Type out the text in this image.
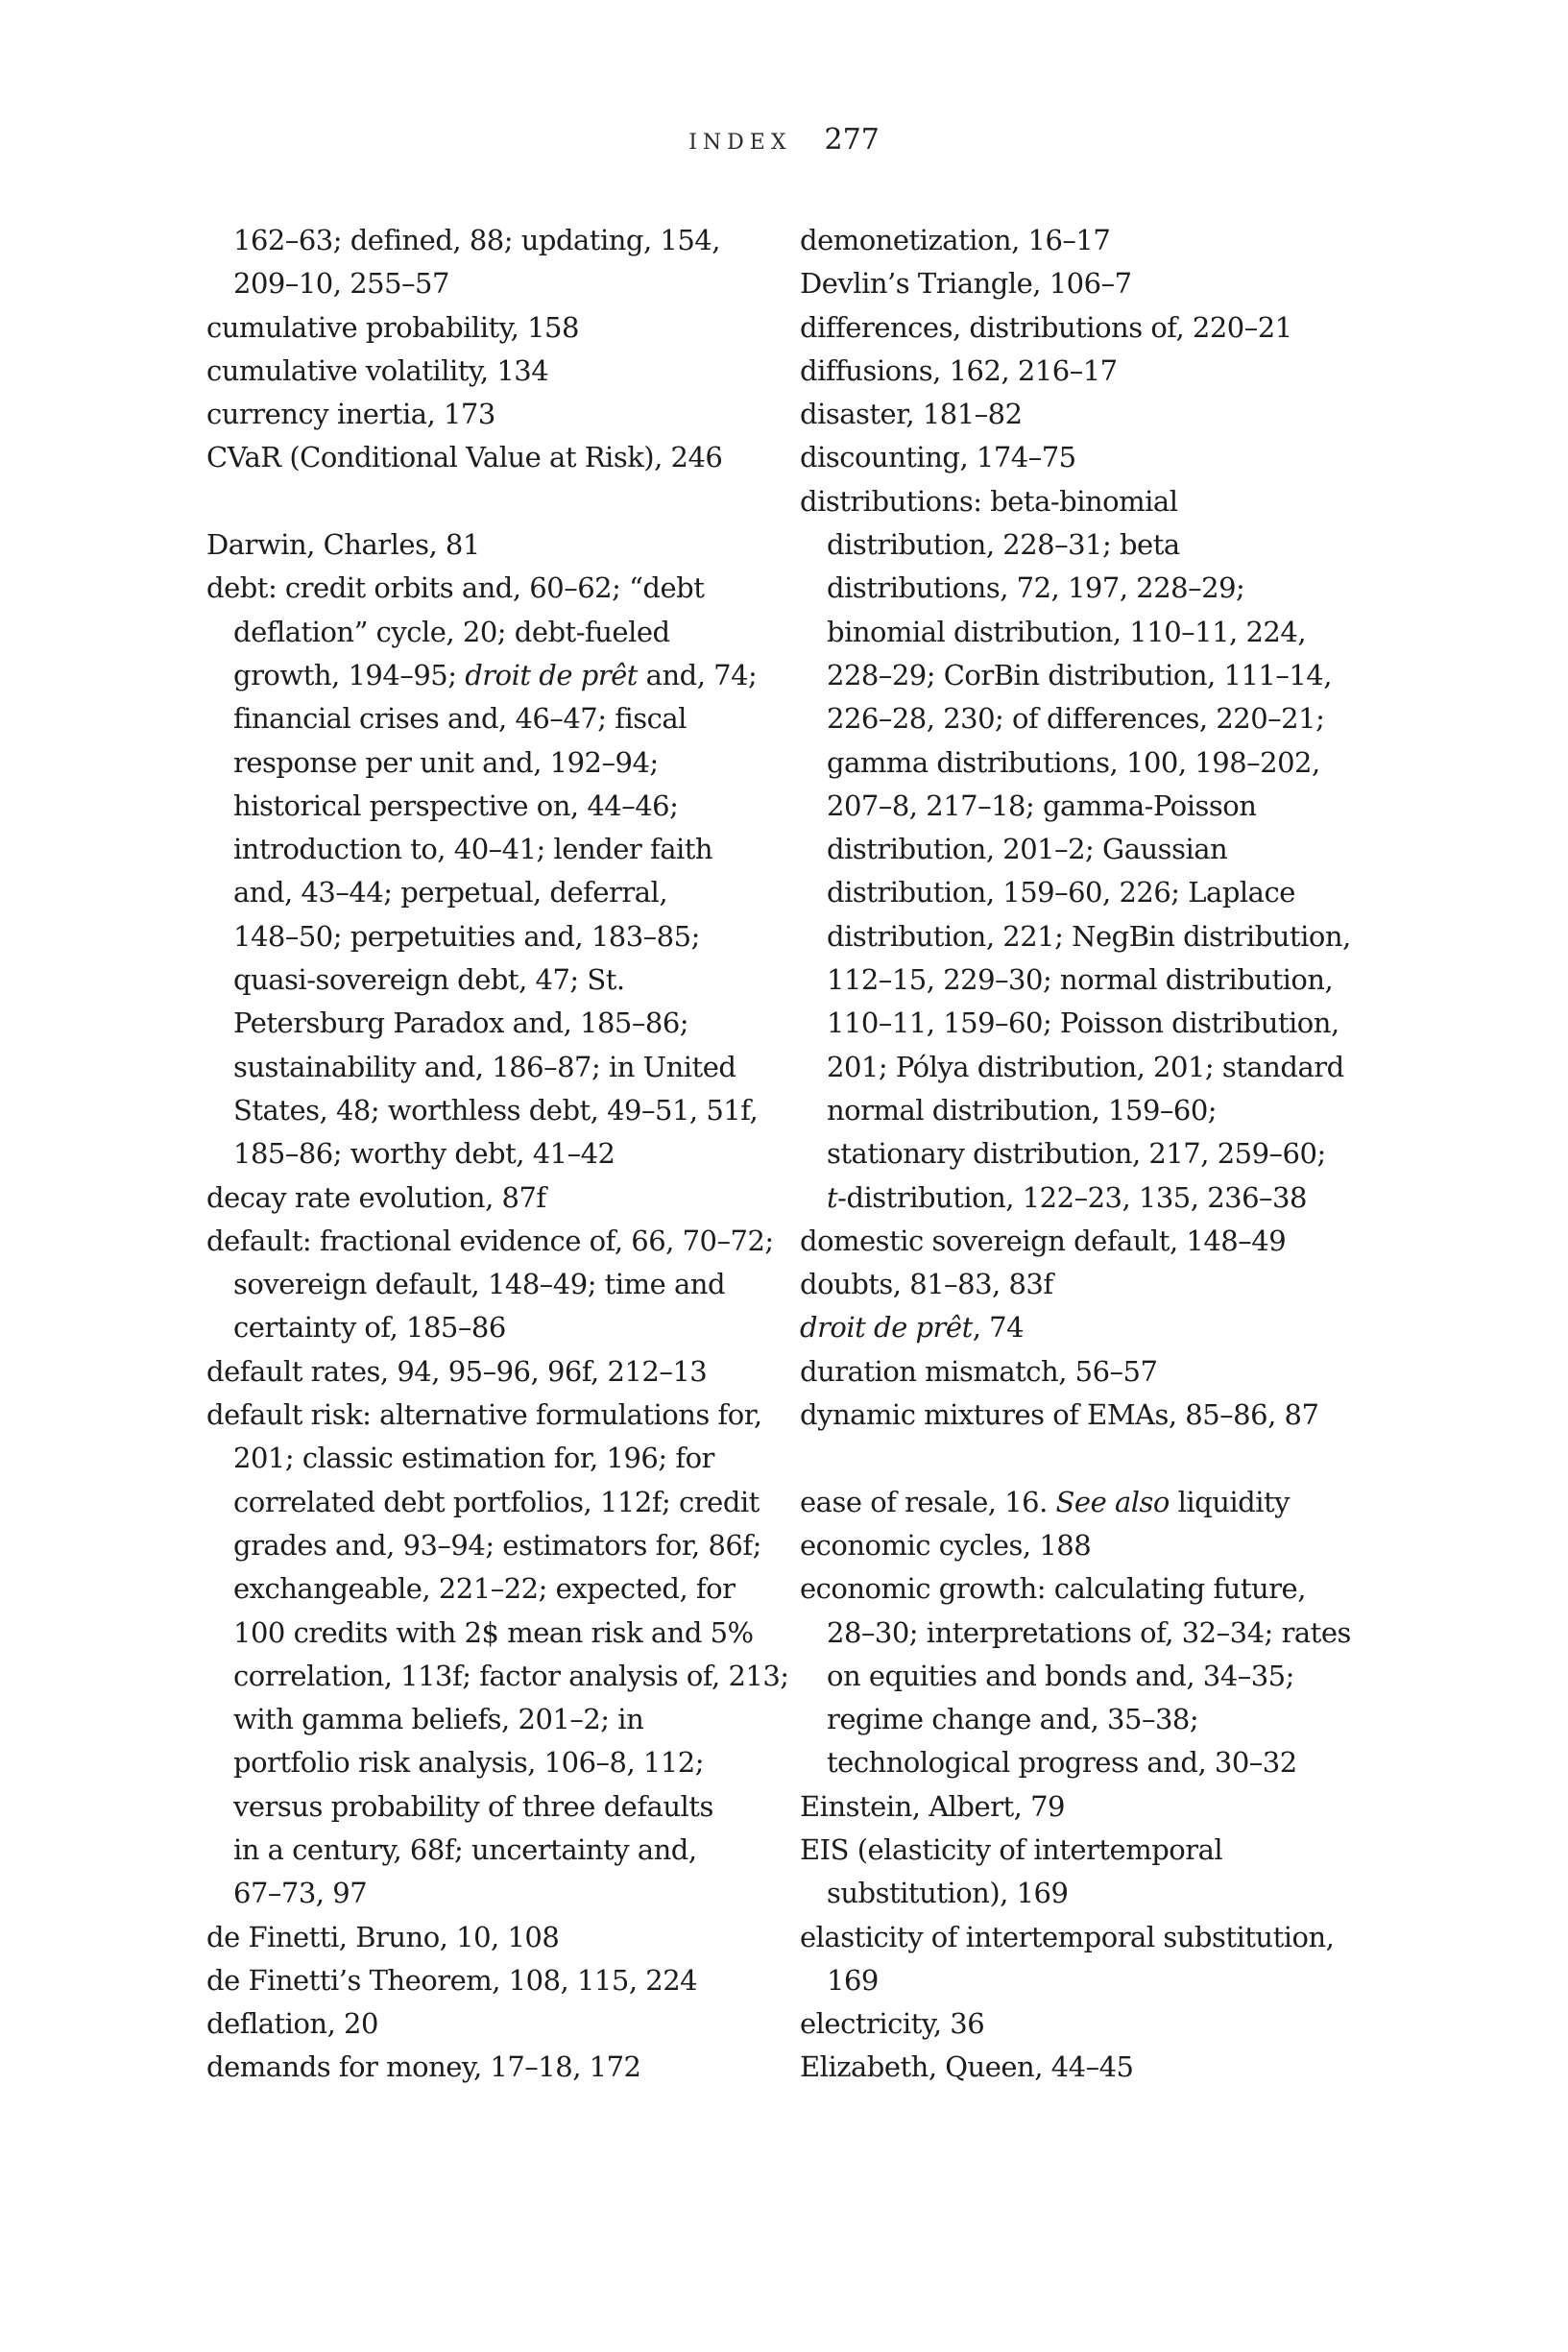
INDEX 277
162–63; defined, 88; updating, 154,
209–10, 255–57
cumulative probability, 158
cumulative volatility, 134
currency inertia, 173
CVaR (Conditional Value at Risk), 246
Darwin, Charles, 81
debt: credit orbits and, 60–62; “debt
deflation” cycle, 20; debt-fueled
growth, 194–95; droit de prêt and, 74;
financial crises and, 46–47; fiscal
response per unit and, 192–94;
historical perspective on, 44–46;
introduction to, 40–41; lender faith
and, 43–44; perpetual, deferral,
148–50; perpetuities and, 183–85;
quasi-sovereign debt, 47; St.
Petersburg Paradox and, 185–86;
sustainability and, 186–87; in United
States, 48; worthless debt, 49–51, 51f,
185–86; worthy debt, 41–42
decay rate evolution, 87f
default: fractional evidence of, 66, 70–72;
sovereign default, 148–49; time and
certainty of, 185–86
default rates, 94, 95–96, 96f, 212–13
default risk: alternative formulations for,
201; classic estimation for, 196; for
correlated debt portfolios, 112f; credit
grades and, 93–94; estimators for, 86f;
exchangeable, 221–22; expected, for
100 credits with 2$ mean risk and 5%
correlation, 113f; factor analysis of, 213;
with gamma beliefs, 201–2; in
portfolio risk analysis, 106–8, 112;
versus probability of three defaults
in a century, 68f; uncertainty and,
67–73, 97
de Finetti, Bruno, 10, 108
de Finetti’s Theorem, 108, 115, 224
deflation, 20
demands for money, 17–18, 172
demonetization, 16–17
Devlin’s Triangle, 106–7
differences, distributions of, 220–21
diffusions, 162, 216–17
disaster, 181–82
discounting, 174–75
distributions: beta-binomial
distribution, 228–31; beta
distributions, 72, 197, 228–29;
binomial distribution, 110–11, 224,
228–29; CorBin distribution, 111–14,
226–28, 230; of differences, 220–21;
gamma distributions, 100, 198–202,
207–8, 217–18; gamma-Poisson
distribution, 201–2; Gaussian
distribution, 159–60, 226; Laplace
distribution, 221; NegBin distribution,
112–15, 229–30; normal distribution,
110–11, 159–60; Poisson distribution,
201; Pólya distribution, 201; standard
normal distribution, 159–60;
stationary distribution, 217, 259–60;
t-distribution, 122–23, 135, 236–38
domestic sovereign default, 148–49
doubts, 81–83, 83f
droit de prêt, 74
duration mismatch, 56–57
dynamic mixtures of EMAs, 85–86, 87
ease of resale, 16. See also liquidity
economic cycles, 188
economic growth: calculating future,
28–30; interpretations of, 32–34; rates
on equities and bonds and, 34–35;
regime change and, 35–38;
technological progress and, 30–32
Einstein, Albert, 79
EIS (elasticity of intertemporal
substitution), 169
elasticity of intertemporal substitution,
169
electricity, 36
Elizabeth, Queen, 44–45
